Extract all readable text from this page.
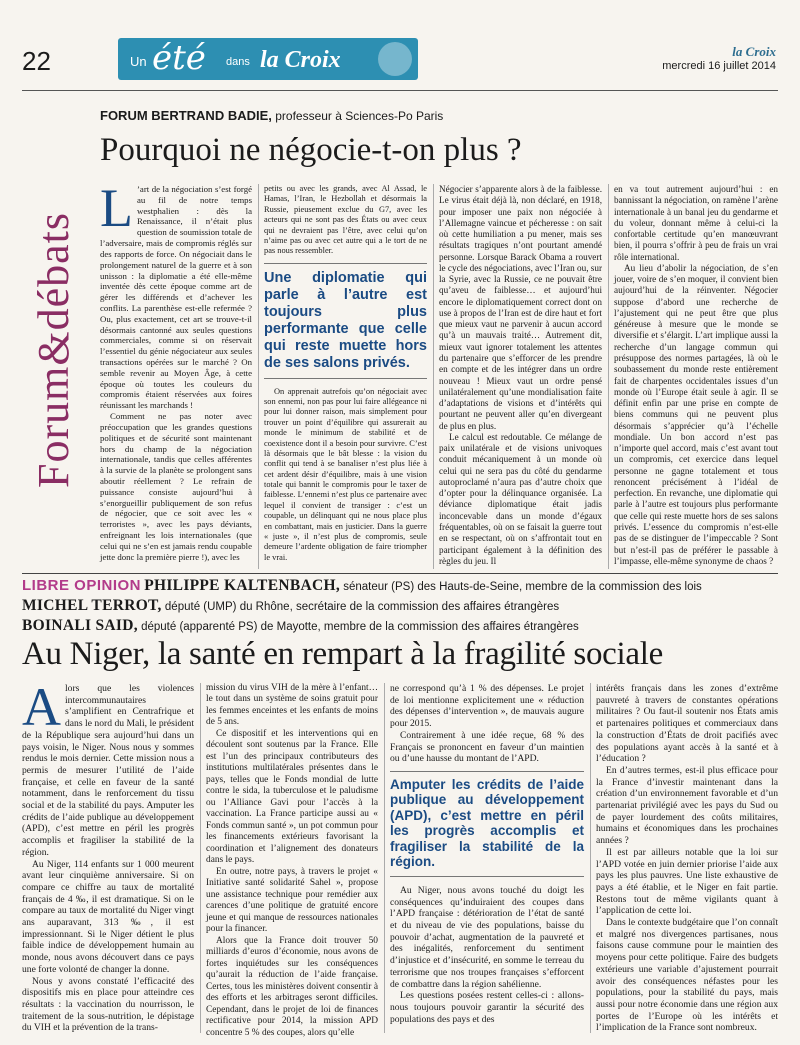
22	Un été dans la Croix	la Croix
mercredi 16 juillet 2014
Forum&débats
FORUM BERTRAND BADIE, professeur à Sciences-Po Paris
Pourquoi ne négocie-t-on plus ?

L ’art de la négociation s’est forgé au fil de notre temps westphalien : dès la Renaissance, il n’était plus question de soumission totale de l’adversaire, mais de compromis réglés sur des rapports de force. On négociait dans le prolongement naturel de la guerre et à son unisson : la diplomatie a été elle-même inventée dès cette époque comme art de gérer les différends et d’achever les conflits. La parenthèse est-elle refermée ? Ou, plus exactement, cet art se trouve-t-il désormais cantonné aux seules questions commerciales, comme si on réservait l’essentiel du génie négociateur aux seules transactions opérées sur le marché ? On semble revenir au Moyen Âge, à cette époque où toutes les couleurs du compromis étaient réservées aux foires réunissant les marchands !

Comment ne pas noter avec préoccupation que les grandes questions politiques et de sécurité sont maintenant hors du champ de la négociation internationale, tandis que celles afférentes à la survie de la planète se prolongent sans aboutir réellement ? Le refrain de puissance consiste aujourd’hui à s’enorgueillir publiquement de son refus de négocier, que ce soit avec les « terroristes », avec les pays déviants, enfreignant les lois internationales (que celui qui ne s’en est jamais rendu coupable jette donc la première pierre !), avec les

petits ou avec les grands, avec Al Assad, le Hamas, l’Iran, le Hezbollah et désormais la Russie, pieusement exclue du G7, avec les acteurs qui ne sont pas des États ou avec ceux qui ne devraient pas l’être, avec celui qu’on n’aime pas ou avec cet autre qui a le tort de ne pas nous ressembler.

Une diplomatie qui parle à l’autre est toujours plus performante que celle qui reste muette hors de ses salons privés.

On apprenait autrefois qu’on négociait avec son ennemi, non pas pour lui faire allégeance ni pour lui donner raison, mais simplement pour trouver un point d’équilibre qui assurerait au monde le minimum de stabilité et de coexistence dont il a besoin pour survivre. C’est là désormais que le bât blesse : la vision du conflit qui tend à se banaliser n’est plus liée à cet ardent désir d’équilibre, mais à une vision totale qui bannit le compromis pour le taxer de faiblesse. L’ennemi n’est plus ce partenaire avec lequel il convient de transiger : c’est un coupable, un délinquant qui ne nous place plus en combattant, mais en justicier. Dans la guerre « juste », il n’est plus de compromis, seule demeure l’ardente obligation de faire triompher le vrai.

Négocier s’apparente alors à de la faiblesse. Le virus était déjà là, non déclaré, en 1918, pour imposer une paix non négociée à l’Allemagne vaincue et pécheresse : on sait où cette humiliation a pu mener, mais ses résultats tragiques n’ont pourtant amendé personne. Lorsque Barack Obama a rouvert le cycle des négociations, avec l’Iran ou, sur la Syrie, avec la Russie, ce ne pouvait être qu’aveu de faiblesse… et aujourd’hui encore le diplomatiquement correct dont on use à propos de l’Iran est de dire haut et fort que mieux vaut ne parvenir à aucun accord qu’à un mauvais traité… Autrement dit, mieux vaut ignorer totalement les attentes du partenaire que s’efforcer de les prendre en compte et de les intégrer dans un ordre nouveau ! Mieux vaut un ordre pensé unilatéralement qu’une mondialisation faite d’adaptations de visions et d’intérêts qui pourtant ne peuvent aller qu’en divergeant de plus en plus.

Le calcul est redoutable. Ce mélange de paix unilatérale et de visions univoques conduit mécaniquement à un monde où celui qui ne sera pas du côté du gendarme autoproclamé n’aura pas d’autre choix que d’opter pour la délinquance organisée. La déviance diplomatique était jadis inconcevable dans un monde d’égaux fréquentables, où on se faisait la guerre tout en se respectant, où on s’affrontait tout en participant également à la définition des règles du jeu. Il

en va tout autrement aujourd’hui : en bannissant la négociation, on ramène l’arène internationale à un banal jeu du gendarme et du voleur, donnant même à celui-ci la confortable certitude qu’en manœuvrant bien, il pourra s’offrir à peu de frais un vrai rôle international.

Au lieu d’abolir la négociation, de s’en jouer, voire de s’en moquer, il convient bien aujourd’hui de la réinventer. Négocier suppose d’abord une recherche de l’ajustement qui ne peut être que plus généreuse à mesure que le monde se diversifie et s’élargit. L’art implique aussi la recherche d’un langage commun qui présuppose des normes partagées, là où le soubassement du monde reste entièrement fait de charpentes occidentales issues d’un monde où l’Europe était seule à agir. Il se définit enfin par une prise en compte de biens communs qui ne peuvent plus désormais s’apprécier qu’à l’échelle mondiale. Un bon accord n’est pas n’importe quel accord, mais c’est avant tout un compromis, cet exercice dans lequel personne ne gagne totalement et tous renoncent précisément à l’idéal de perfection. En revanche, une diplomatie qui parle à l’autre est toujours plus performante que celle qui reste muette hors de ses salons privés. L’essence du compromis n’est-elle pas de se distinguer de l’impeccable ? Sont but n’est-il pas de préférer le passable à l’impasse, elle-même synonyme de chaos ?

LIBRE OPINION PHILIPPE KALTENBACH, sénateur (PS) des Hauts-de-Seine, membre de la commission des lois
MICHEL TERROT, député (UMP) du Rhône, secrétaire de la commission des affaires étrangères
BOINALI SAID, député (apparenté PS) de Mayotte, membre de la commission des affaires étrangères
Au Niger, la santé en rempart à la fragilité sociale

Alors que les violences intercommunautaires s’amplifient en Centrafrique et dans le nord du Mali, le président de la République sera aujourd’hui dans un pays voisin, le Niger. Nous nous y sommes rendus le mois dernier. Cette mission nous a permis de mesurer l’utilité de l’aide française, et celle en faveur de la santé notamment, dans le renforcement du tissu social et de la stabilité du pays. Amputer les crédits de l’aide publique au développement (APD), c’est mettre en péril les progrès accomplis et fragiliser la stabilité de la région.

Au Niger, 114 enfants sur 1 000 meurent avant leur cinquième anniversaire. Si on compare ce chiffre au taux de mortalité français de 4 ‰, il est dramatique. Si on le compare au taux de mortalité du Niger vingt ans auparavant, 313 ‰, il est impressionnant. Si le Niger détient le plus faible indice de développement humain au monde, nous avons découvert dans ce pays une forte volonté de changer la donne.

Nous y avons constaté l’efficacité des dispositifs mis en place pour atteindre ces résultats : la vaccination du nourrisson, le traitement de la sous-nutrition, le dépistage du VIH et la prévention de la trans-

mission du virus VIH de la mère à l’enfant… le tout dans un système de soins gratuit pour les femmes enceintes et les enfants de moins de 5 ans.

Ce dispositif et les interventions qui en découlent sont soutenus par la France. Elle est l’un des principaux contributeurs des institutions multilatérales présentes dans le pays, telles que le Fonds mondial de lutte contre le sida, la tuberculose et le paludisme ou l’Alliance Gavi pour l’accès à la vaccination. La France participe aussi au « Fonds commun santé », un pot commun pour les financements extérieurs favorisant la coordination et l’alignement des donateurs dans le pays.

En outre, notre pays, à travers le projet « Initiative santé solidarité Sahel », propose une assistance technique pour remédier aux carences d’une politique de gratuité encore jeune et qui manque de ressources nationales pour la financer.

Alors que la France doit trouver 50 milliards d’euros d’économie, nous avons de fortes inquiétudes sur les conséquences qu’aurait la réduction de l’aide française. Certes, tous les ministères doivent consentir à des efforts et les arbitrages seront difficiles. Cependant, dans le projet de loi de finances rectificative pour 2014, la mission APD concentre 5 % des coupes, alors qu’elle

ne correspond qu’à 1 % des dépenses. Le projet de loi mentionne explicitement une « réduction des dépenses d’intervention », de mauvais augure pour 2015.

Contrairement à une idée reçue, 68 % des Français se prononcent en faveur d’un maintien ou d’une hausse du montant de l’APD.

Amputer les crédits de l’aide publique au développement (APD), c’est mettre en péril les progrès accomplis et fragiliser la stabilité de la région.

Au Niger, nous avons touché du doigt les conséquences qu’induiraient des coupes dans l’APD française : détérioration de l’état de santé et du niveau de vie des populations, baisse du pouvoir d’achat, augmentation de la pauvreté et des inégalités, renforcement du sentiment d’injustice et d’insécurité, en somme le terreau du terrorisme que nos troupes françaises s’efforcent de combattre dans la région sahélienne.

Les questions posées restent celles-ci : allons-nous toujours pouvoir garantir la sécurité des populations des pays et des

intérêts français dans les zones d’extrême pauvreté à travers de constantes opérations militaires ? Ou faut-il soutenir nos États amis et partenaires politiques et commerciaux dans la construction d’États de droit pacifiés avec des populations ayant accès à la santé et à l’éducation ?

En d’autres termes, est-il plus efficace pour la France d’investir maintenant dans la création d’un environnement favorable et d’un partenariat privilégié avec les pays du Sud ou de payer lourdement des coûts militaires, humains et économiques dans les prochaines années ?

Il est par ailleurs notable que la loi sur l’APD votée en juin dernier priorise l’aide aux pays les plus pauvres. Une liste exhaustive de pays a été établie, et le Niger en fait partie. Restons tout de même vigilants quant à l’application de cette loi.

Dans le contexte budgétaire que l’on connaît et malgré nos divergences partisanes, nous faisons cause commune pour le maintien des moyens pour cette politique. Faire des budgets extérieurs une variable d’ajustement pourrait avoir des conséquences néfastes pour les populations, pour la stabilité du pays, mais aussi pour notre économie dans une région aux portes de l’Europe où les intérêts et l’implication de la France sont nombreux.
